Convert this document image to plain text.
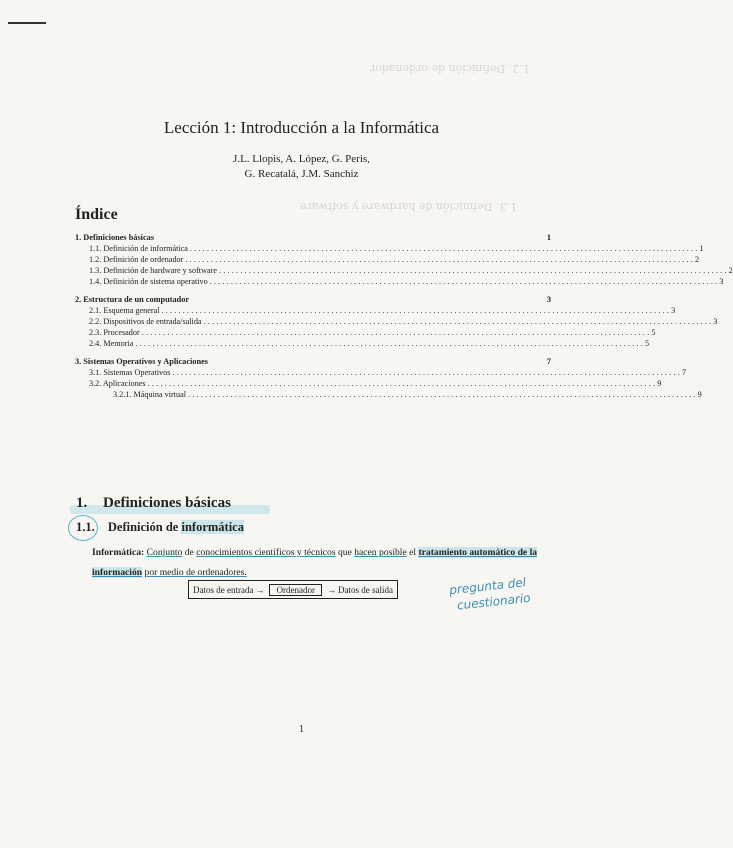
1.2. Definición de ordenador
1.3. Definición de hardware y software
Lección 1: Introducción a la Informática
J.L. Llopis, A. López, G. Peris,
G. Recatalá, J.M. Sanchiz
Índice
1. Definiciones básicas	1
1.1. Definición de informática ........................................................................................................................ 1
1.2. Definición de ordenador ........................................................................................................................ 2
1.3. Definición de hardware y software ........................................................................................................................ 2
1.4. Definición de sistema operativo ........................................................................................................................ 3
2. Estructura de un computador	3
2.1. Esquema general ........................................................................................................................ 3
2.2. Dispositivos de entrada/salida ........................................................................................................................ 3
2.3. Procesador ........................................................................................................................ 5
2.4. Memoria ........................................................................................................................ 5
3. Sistemas Operativos y Aplicaciones	7
3.1. Sistemas Operativos ........................................................................................................................ 7
3.2. Aplicaciones ........................................................................................................................ 9
3.2.1. Máquina virtual ........................................................................................................................ 9
1. Definiciones básicas
1.1. Definición de informática
Informática: Conjunto de conocimientos científicos y técnicos que hacen posible el tratamiento automático de la información por medio de ordenadores.
Datos de entrada →	Ordenador	→ Datos de salida	pregunta del
cuestionario
1
